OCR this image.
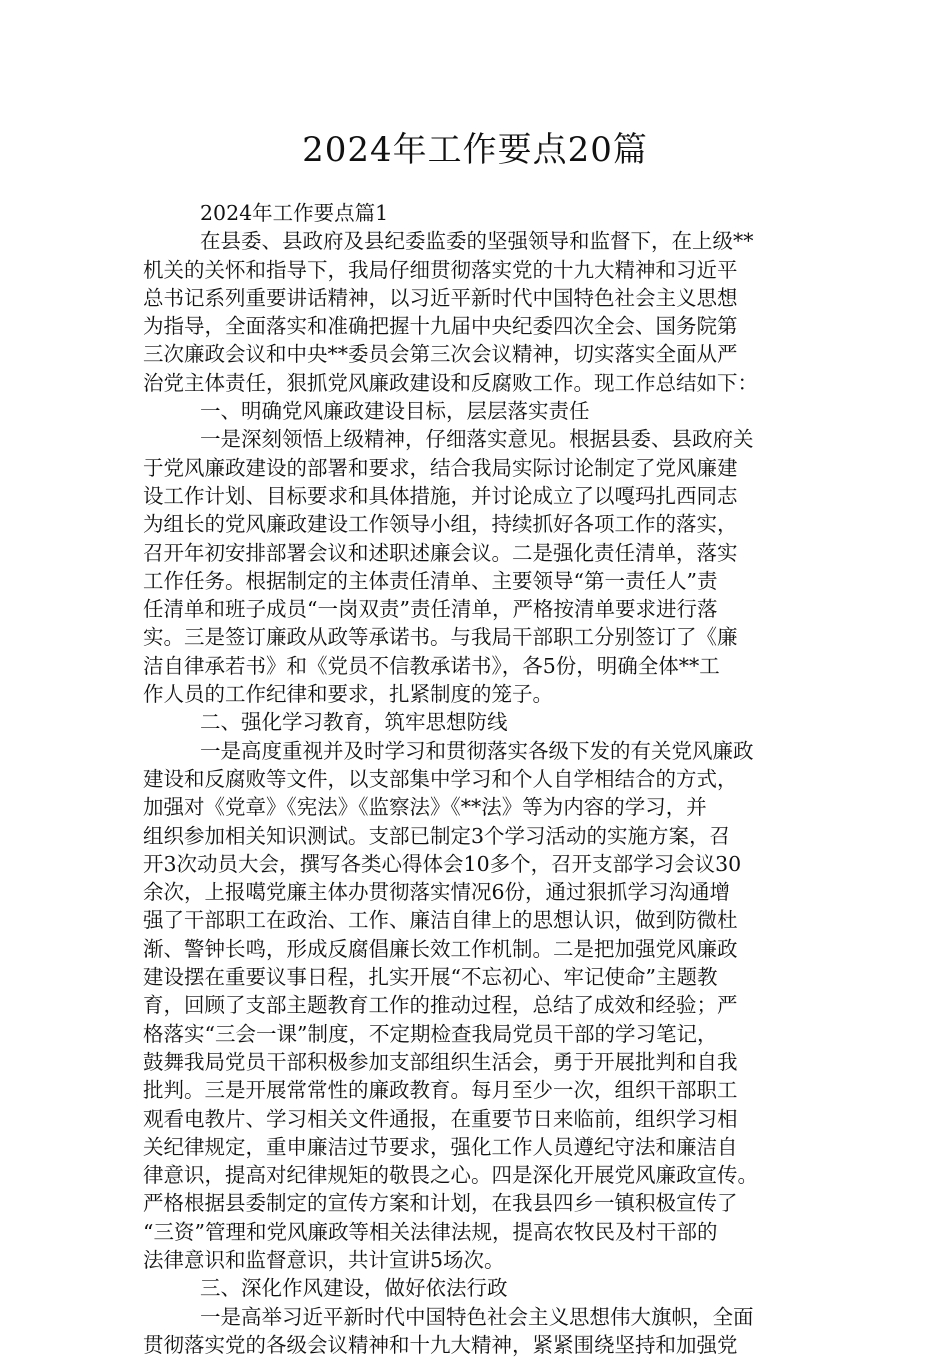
2024年工作要点20篇
2024年工作要点篇1
在县委、县政府及县纪委监委的坚强领导和监督下，在上级**
机关的关怀和指导下，我局仔细贯彻落实党的十九大精神和习近平
总书记系列重要讲话精神，以习近平新时代中国特色社会主义思想
为指导，全面落实和准确把握十九届中央纪委四次全会、国务院第
三次廉政会议和中央**委员会第三次会议精神，切实落实全面从严
治党主体责任，狠抓党风廉政建设和反腐败工作。现工作总结如下：
一、明确党风廉政建设目标，层层落实责任
一是深刻领悟上级精神，仔细落实意见。根据县委、县政府关
于党风廉政建设的部署和要求，结合我局实际讨论制定了党风廉建
设工作计划、目标要求和具体措施，并讨论成立了以嘎玛扎西同志
为组长的党风廉政建设工作领导小组，持续抓好各项工作的落实，
召开年初安排部署会议和述职述廉会议。二是强化责任清单，落实
工作任务。根据制定的主体责任清单、主要领导“第一责任人”责
任清单和班子成员“一岗双责”责任清单，严格按清单要求进行落
实。三是签订廉政从政等承诺书。与我局干部职工分别签订了《廉
洁自律承若书》和《党员不信教承诺书》，各5份，明确全体**工
作人员的工作纪律和要求，扎紧制度的笼子。
二、强化学习教育，筑牢思想防线
一是高度重视并及时学习和贯彻落实各级下发的有关党风廉政
建设和反腐败等文件，以支部集中学习和个人自学相结合的方式，
加强对《党章》《宪法》《监察法》《**法》等为内容的学习，并
组织参加相关知识测试。支部已制定3个学习活动的实施方案，召
开3次动员大会，撰写各类心得体会10多个，召开支部学习会议30
余次，上报噶党廉主体办贯彻落实情况6份，通过狠抓学习沟通增
强了干部职工在政治、工作、廉洁自律上的思想认识，做到防微杜
渐、警钟长鸣，形成反腐倡廉长效工作机制。二是把加强党风廉政
建设摆在重要议事日程，扎实开展“不忘初心、牢记使命”主题教
育，回顾了支部主题教育工作的推动过程，总结了成效和经验；严
格落实“三会一课”制度，不定期检查我局党员干部的学习笔记，
鼓舞我局党员干部积极参加支部组织生活会，勇于开展批判和自我
批判。三是开展常常性的廉政教育。每月至少一次，组织干部职工
观看电教片、学习相关文件通报，在重要节日来临前，组织学习相
关纪律规定，重申廉洁过节要求，强化工作人员遵纪守法和廉洁自
律意识，提高对纪律规矩的敬畏之心。四是深化开展党风廉政宣传。
严格根据县委制定的宣传方案和计划，在我县四乡一镇积极宣传了
“三资”管理和党风廉政等相关法律法规，提高农牧民及村干部的
法律意识和监督意识，共计宣讲5场次。
三、深化作风建设，做好依法行政
一是高举习近平新时代中国特色社会主义思想伟大旗帜，全面
贯彻落实党的各级会议精神和十九大精神，紧紧围绕坚持和加强党
